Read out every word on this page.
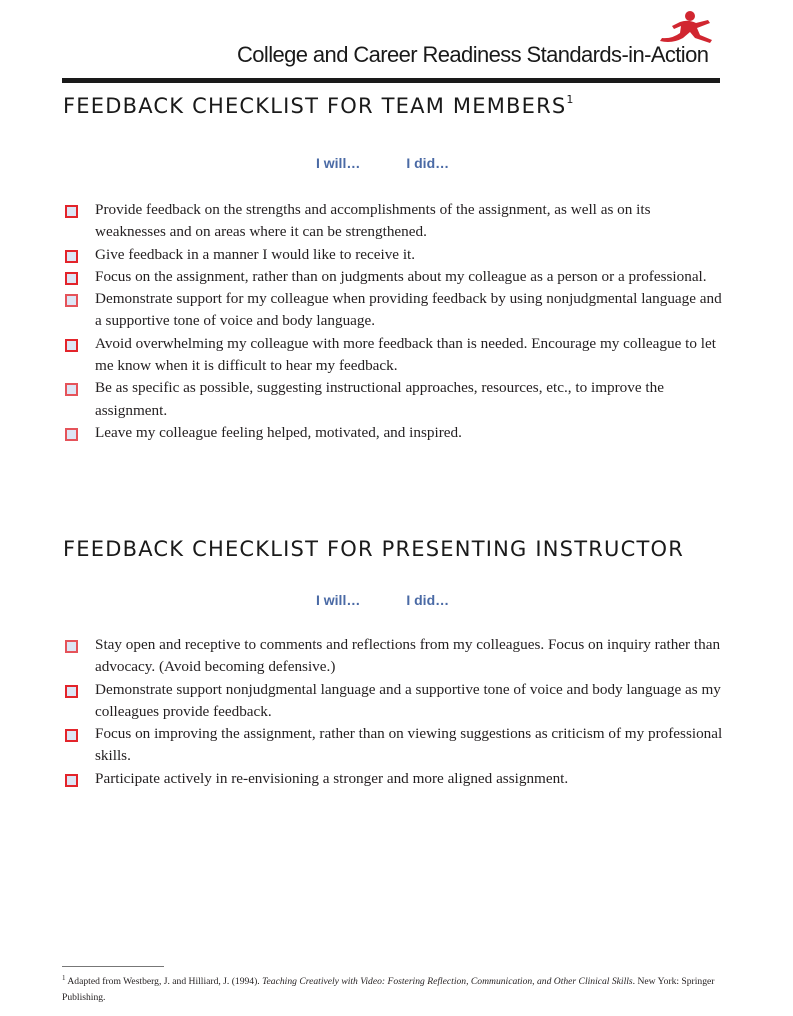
College and Career Readiness Standards-in-Action
FEEDBACK CHECKLIST FOR TEAM MEMBERS$^1$
I will…	I did…
Provide feedback on the strengths and accomplishments of the assignment, as well as on its weaknesses and on areas where it can be strengthened.
Give feedback in a manner I would like to receive it.
Focus on the assignment, rather than on judgments about my colleague as a person or a professional.
Demonstrate support for my colleague when providing feedback by using nonjudgmental language and a supportive tone of voice and body language.
Avoid overwhelming my colleague with more feedback than is needed. Encourage my colleague to let me know when it is difficult to hear my feedback.
Be as specific as possible, suggesting instructional approaches, resources, etc., to improve the assignment.
Leave my colleague feeling helped, motivated, and inspired.
FEEDBACK CHECKLIST FOR PRESENTING INSTRUCTOR
I will…	I did…
Stay open and receptive to comments and reflections from my colleagues. Focus on inquiry rather than advocacy. (Avoid becoming defensive.)
Demonstrate support nonjudgmental language and a supportive tone of voice and body language as my colleagues provide feedback.
Focus on improving the assignment, rather than on viewing suggestions as criticism of my professional skills.
Participate actively in re-envisioning a stronger and more aligned assignment.
$^1$ Adapted from Westberg, J. and Hilliard, J. (1994). Teaching Creatively with Video: Fostering Reflection, Communication, and Other Clinical Skills. New York: Springer Publishing.
